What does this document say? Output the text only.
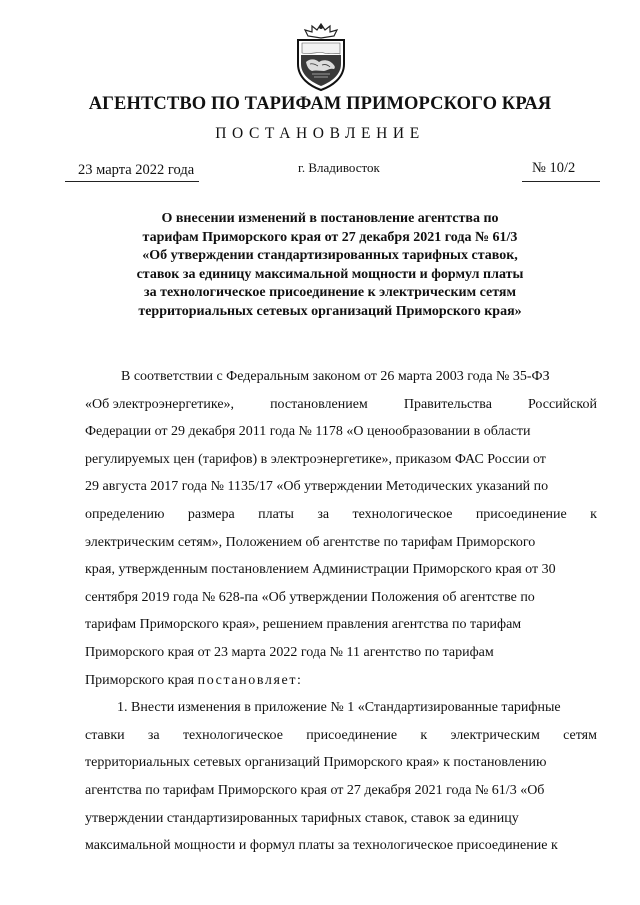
АГЕНТСТВО ПО ТАРИФАМ ПРИМОРСКОГО КРАЯ
ПОСТАНОВЛЕНИЕ
23 марта 2022 года	г. Владивосток	№ 10/2
О внесении изменений в постановление агентства по
тарифам Приморского края от 27 декабря 2021 года № 61/3
«Об утверждении стандартизированных тарифных ставок,
ставок за единицу максимальной мощности и формул платы
за технологическое присоединение к электрическим сетям
территориальных сетевых организаций Приморского края»
В соответствии с Федеральным законом от 26 марта 2003 года № 35-ФЗ
«Об электроэнергетике»,	постановлением	Правительства	Российской
Федерации от 29 декабря 2011 года № 1178 «О ценообразовании в области
регулируемых цен (тарифов) в электроэнергетике», приказом ФАС России от
29 августа 2017 года № 1135/17 «Об утверждении Методических указаний по
определению размера платы за технологическое присоединение к
электрическим сетям», Положением об агентстве по тарифам Приморского
края, утвержденным постановлением Администрации Приморского края от 30
сентября 2019 года № 628-па «Об утверждении Положения об агентстве по
тарифам Приморского края», решением правления агентства по тарифам
Приморского края от 23 марта 2022 года № 11 агентство по тарифам
Приморского края
постановляет:
1. Внести изменения в приложение № 1 «Стандартизированные тарифные
ставки за технологическое присоединение к электрическим сетям
территориальных сетевых организаций Приморского края» к постановлению
агентства по тарифам Приморского края от 27 декабря 2021 года № 61/3 «Об
утверждении стандартизированных тарифных ставок, ставок за единицу
максимальной мощности и формул платы за технологическое присоединение к
